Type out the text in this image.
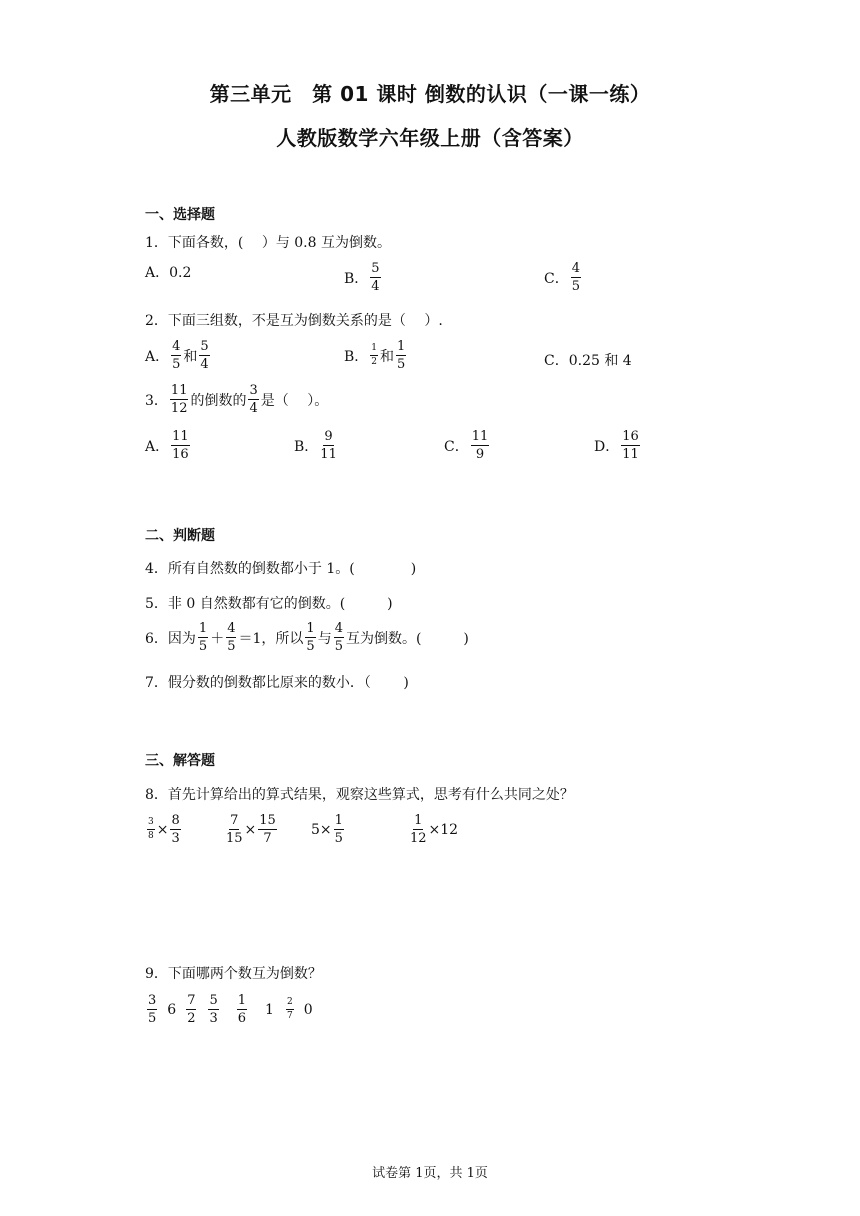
第三单元　第 01 课时 倒数的认识（一课一练）
人教版数学六年级上册（含答案）
一、选择题
1．下面各数，(　 ）与 0.8 互为倒数。
A．0.2	B． $\frac{5}{4}$	C． $\frac{4}{5}$
2．下面三组数，不是互为倒数关系的是（　 ）.
A． $\frac{4}{5}$ 和 $\frac{5}{4}$	B． $\frac{1}{2}$ 和 $\frac{1}{5}$	C．0.25 和 4
3． $\frac{11}{12}$ 的倒数的 $\frac{3}{4}$ 是（　 ）。
A． $\frac{11}{16}$	B． $\frac{9}{11}$	C． $\frac{11}{9}$	D． $\frac{16}{11}$
二、判断题
4．所有自然数的倒数都小于 1。(　　　　)
5．非 0 自然数都有它的倒数。(　　　)
6．因为 $\frac{1}{5} + \frac{4}{5} =1$，所以 $\frac{1}{5}$ 与 $\frac{4}{5}$ 互为倒数。(　　　)
7．假分数的倒数都比原来的数小．（　　 )
三、解答题
8．首先计算给出的算式结果，观察这些算式，思考有什么共同之处？
$\frac{3}{8} \times \frac{8}{3}$	$\frac{7}{15} \times \frac{15}{7} 5\times \frac{1}{5}$	$\frac{1}{12} \times 12$
9．下面哪两个数互为倒数？
$\frac{3}{5} 6 \frac{7}{2} \frac{5}{3} \frac{1}{6} 1 \frac{2}{7} 0$
试卷第 1页，共 1页
